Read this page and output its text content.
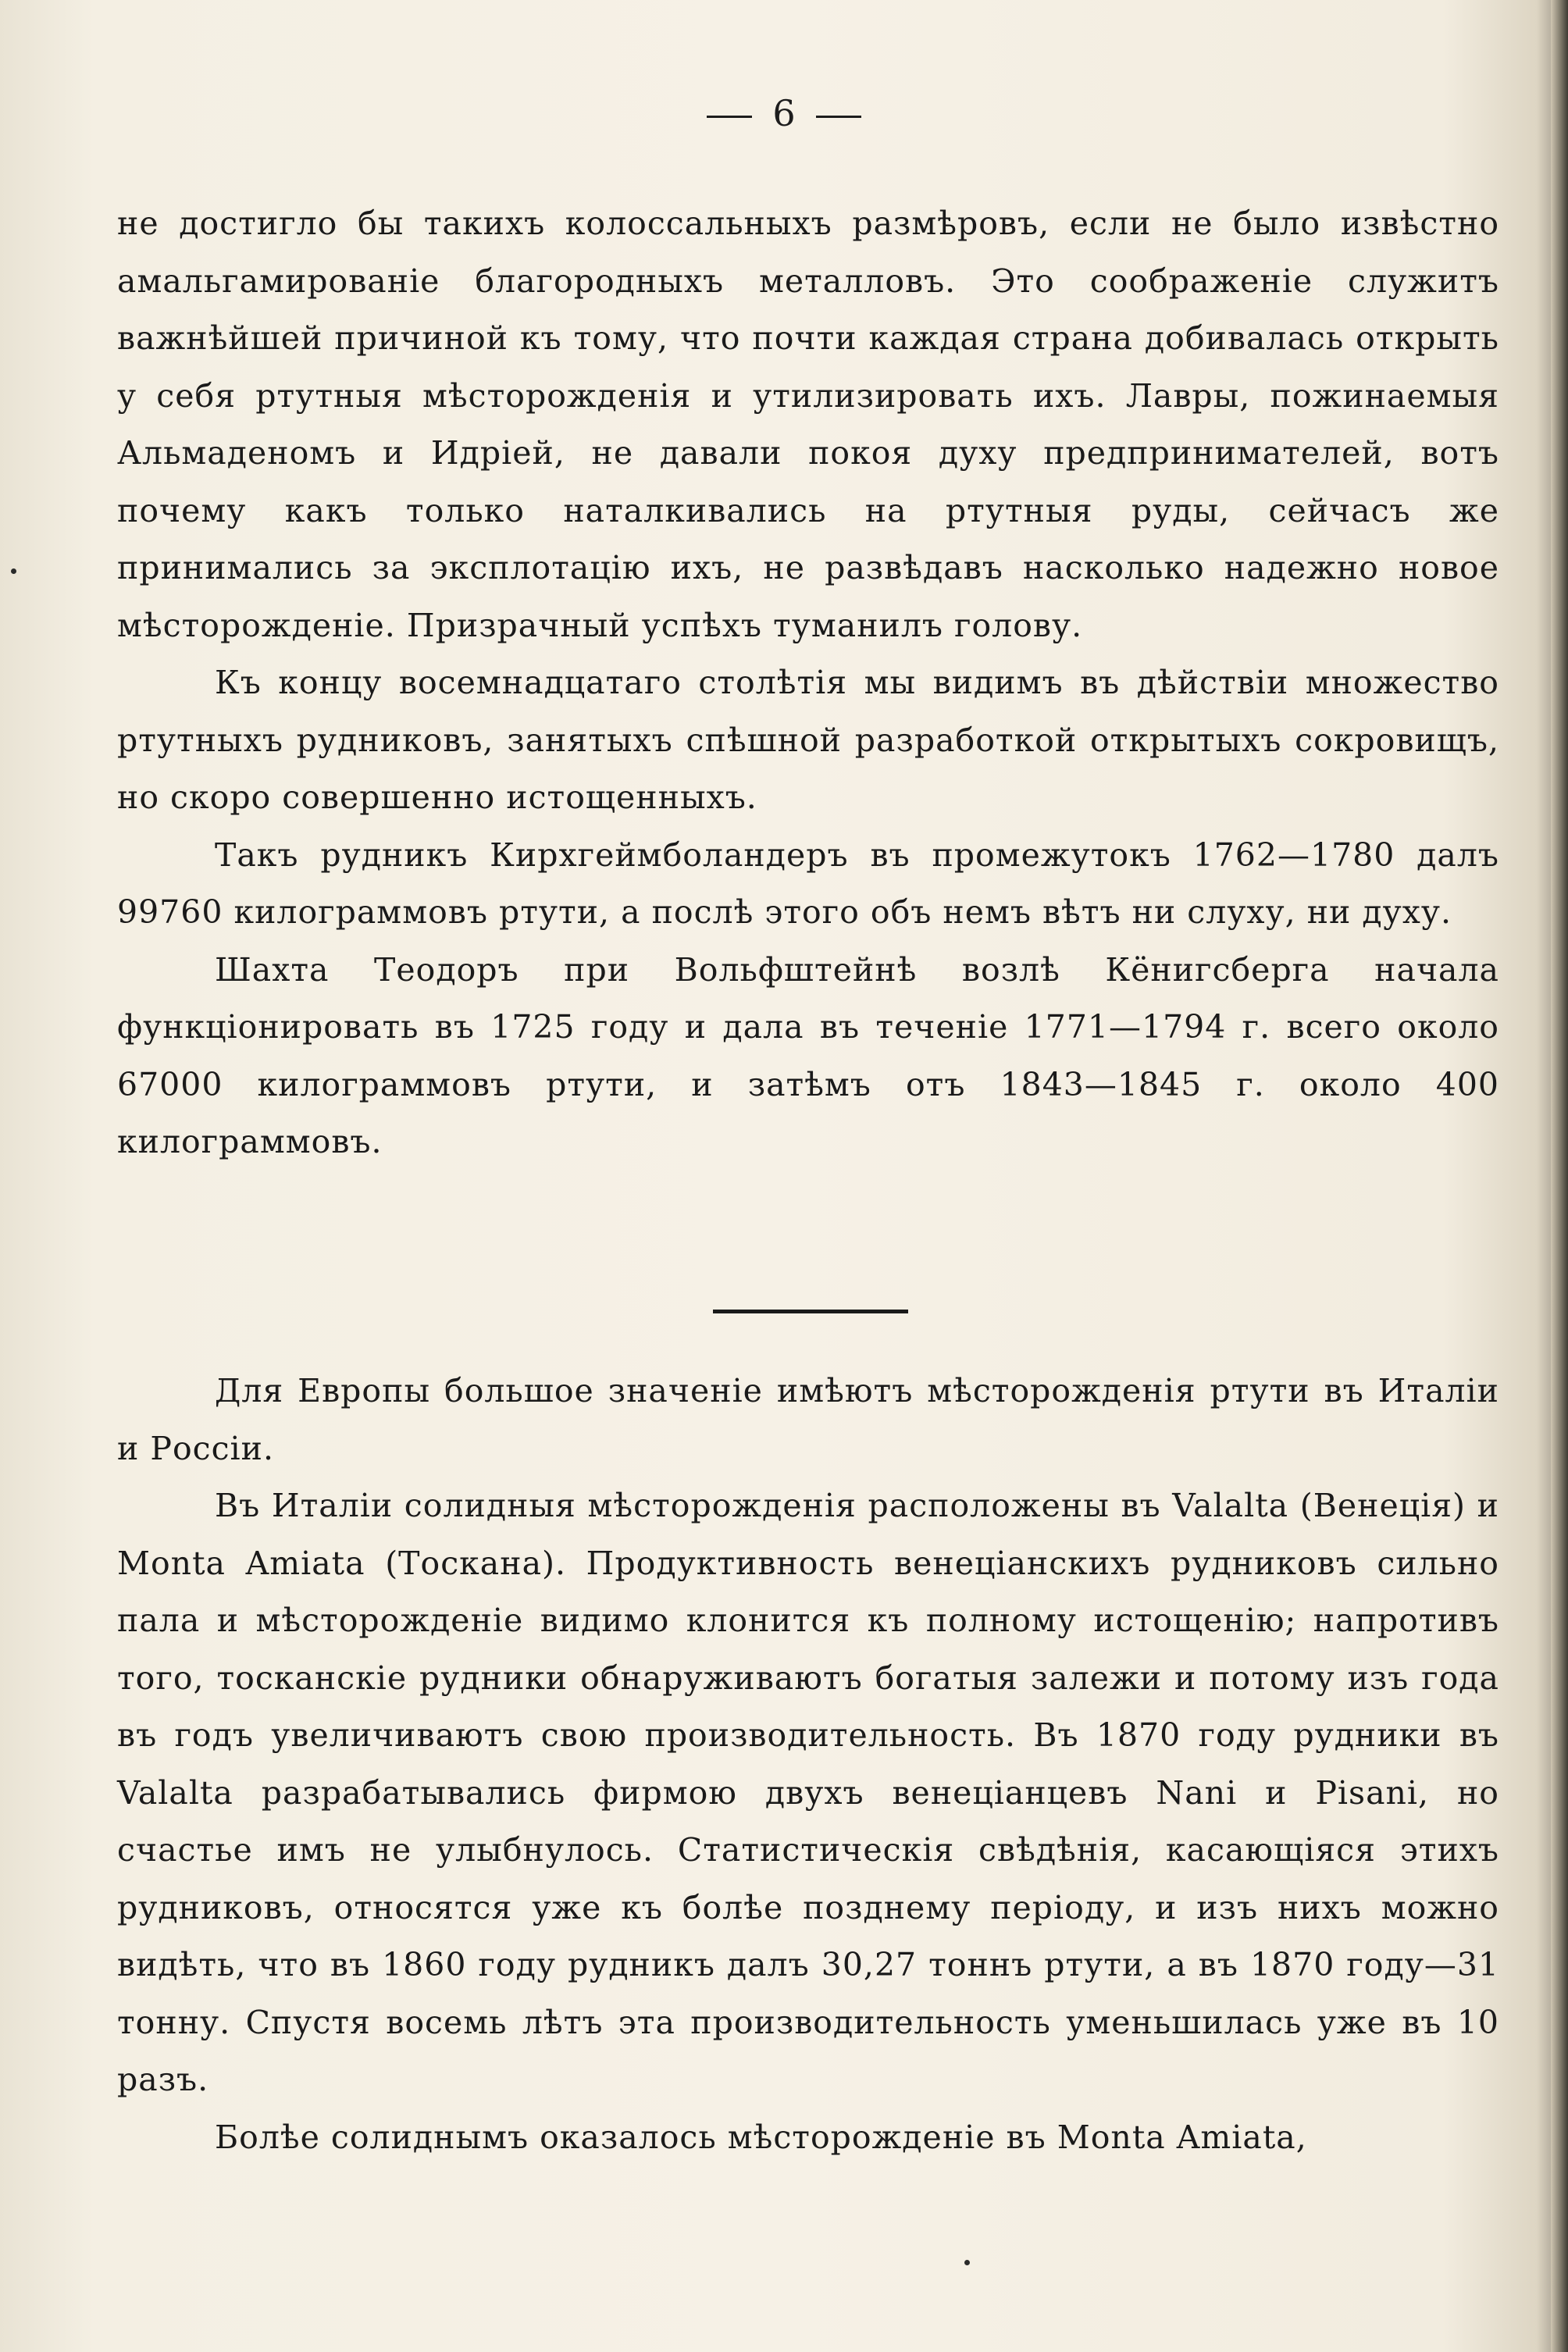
6

не достигло бы такихъ колоссальныхъ размѣровъ, если не было извѣстно амальгамированіе благородныхъ металловъ. Это соображеніе служитъ важнѣйшей причиной къ тому, что почти каждая страна добивалась открыть у себя ртутныя мѣсторожденія и утилизировать ихъ. Лавры, пожинаемыя Альмаденомъ и Идріей, не давали покоя духу предпринимателей, вотъ почему какъ только наталкивались на ртутныя руды, сейчасъ же принимались за эксплотацію ихъ, не развѣдавъ насколько надежно новое мѣсторожденіе. Призрачный успѣхъ туманилъ голову.

Къ концу восемнадцатаго столѣтія мы видимъ въ дѣйствіи множество ртутныхъ рудниковъ, занятыхъ спѣшной разработкой открытыхъ сокровищъ, но скоро совершенно истощенныхъ.

Такъ рудникъ Кирхгеймболандеръ въ промежутокъ 1762—1780 далъ 99760 килограммовъ ртути, а послѣ этого объ немъ вѣтъ ни слуху, ни духу.

Шахта Теодоръ при Вольфштейнѣ возлѣ Кёнигсберга начала функціонировать въ 1725 году и дала въ теченіе 1771—1794 г. всего около 67000 килограммовъ ртути, и затѣмъ отъ 1843—1845 г. около 400 килограммовъ.

Для Европы большое значеніе имѣютъ мѣсторожденія ртути въ Италіи и Россіи.

Въ Италіи солидныя мѣсторожденія расположены въ Valalta (Венеція) и Monta Amiata (Тоскана). Продуктивность венеціанскихъ рудниковъ сильно пала и мѣсторожденіе видимо клонится къ полному истощенію; напротивъ того, тосканскіе рудники обнаруживаютъ богатыя залежи и потому изъ года въ годъ увеличиваютъ свою производительность. Въ 1870 году рудники въ Valalta разрабатывались фирмою двухъ венеціанцевъ Nani и Pisani, но счастье имъ не улыбнулось. Статистическія свѣдѣнія, касающіяся этихъ рудниковъ, относятся уже къ болѣе позднему періоду, и изъ нихъ можно видѣть, что въ 1860 году рудникъ далъ 30,27 тоннъ ртути, а въ 1870 году—31 тонну. Спустя восемь лѣтъ эта производительность уменьшилась уже въ 10 разъ.

Болѣе солиднымъ оказалось мѣсторожденіе въ Monta Amiata,
